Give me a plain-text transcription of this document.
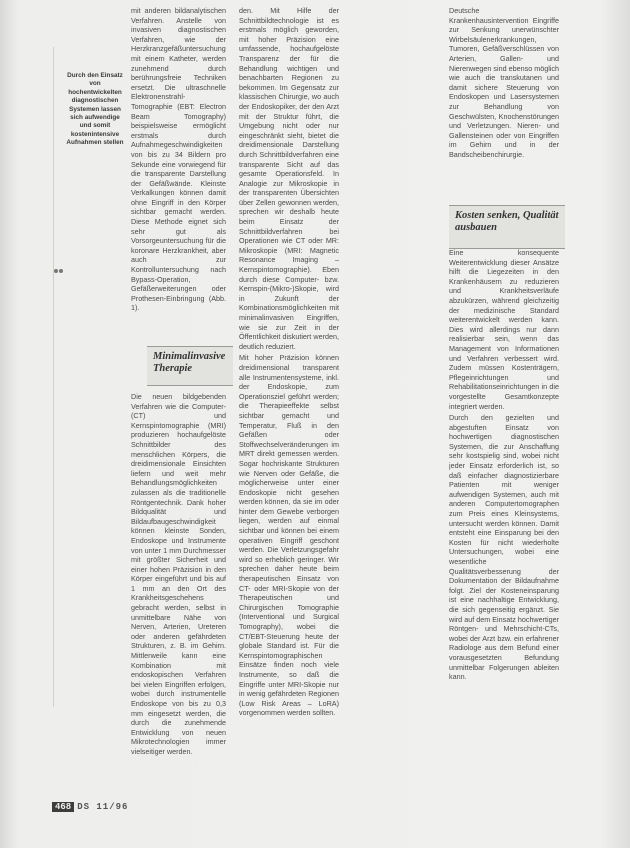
Durch den Einsatz von hochentwickelten diagnostischen Systemen lassen sich aufwendige und somit kostenintensive Aufnahmen stellen

mit anderen bildanalytischen Verfahren. Anstelle von invasiven diagnostischen Verfahren, wie der Herzkranzgefäßuntersuchung mit einem Katheter, werden zunehmend durch berührungsfreie Techniken ersetzt. Die ultraschnelle Elektronenstrahl-Tomographie (EBT: Electron Beam Tomography) beispielsweise ermöglicht erstmals durch Aufnahmegeschwindigkeiten von bis zu 34 Bildern pro Sekunde eine vorwiegend für die transparente Darstellung der Gefäßwände. Kleinste Verkalkungen können damit ohne Eingriff in den Körper sichtbar gemacht werden. Diese Methode eignet sich sehr gut als Vorsorgeuntersuchung für die koronare Herzkrankheit, aber auch zur Kontrolluntersuchung nach Bypass-Operation, Gefäßerweiterungen oder Prothesen-Einbringung (Abb. 1).

Minimalinvasive Therapie

Die neuen bildgebenden Verfahren wie die Computer- (CT) und Kernspintomographie (MRI) produzieren hochaufgelöste Schnittbilder des menschlichen Körpers, die dreidimensionale Einsichten liefern und weit mehr Behandlungsmöglichkeiten zulassen als die traditionelle Röntgentechnik. Dank hoher Bildqualität und Bildaufbaugeschwindigkeit können kleinste Sonden, Endoskope und Instrumente von unter 1 mm Durchmesser mit größter Sicherheit und einer hohen Präzision in den Körper eingeführt und bis auf 1 mm an den Ort des Krankheitsgeschehens gebracht werden, selbst in unmittelbare Nähe von Nerven, Arterien, Ureteren oder anderen gefährdeten Strukturen, z. B. im Gehirn. Mittlerweile kann eine Kombination mit endoskopischen Verfahren bei vielen Eingriffen erfolgen, wobei durch instrumentelle Endoskope von bis zu 0,3 mm eingesetzt werden, die durch die zunehmende Entwicklung von neuen Mikrotechnologien immer vielseitiger werden.

den. Mit Hilfe der Schnittbildtechnologie ist es erstmals möglich geworden, mit hoher Präzision eine umfassende, hochaufgelöste Transparenz der für die Behandlung wichtigen und benachbarten Regionen zu bekommen. Im Gegensatz zur klassischen Chirurgie, wo auch der Endoskopiker, der den Arzt mit der Struktur führt, die Umgebung nicht oder nur eingeschränkt sieht, bietet die dreidimensionale Darstellung durch Schnittbildverfahren eine transparente Sicht auf das gesamte Operationsfeld. In Analogie zur Mikroskopie in der transparenten Übersichten über Zellen gewonnen werden, sprechen wir deshalb heute beim Einsatz der Schnittbildverfahren bei Operationen wie CT oder MR: Mikroskopie (MRI: Magnetic Resonance Imaging – Kernspintomographie). Eben durch diese Computer- bzw. Kernspin-(Mikro-)Skopie, wird in Zukunft der Kombinationsmöglichkeiten mit minimalinvasiven Eingriffen, wie sie zur Zeit in der Öffentlichkeit diskutiert werden, deutlich reduziert.

Mit hoher Präzision können dreidimensional transparent alle Instrumentensysteme, inkl. der Endoskopie, zum Operationsziel geführt werden; die Therapieeffekte selbst sichtbar gemacht und Temperatur, Fluß in den Gefäßen oder Stoffwechselveränderungen im MRT direkt gemessen werden. Sogar hochriskante Strukturen wie Nerven oder Gefäße, die möglicherweise unter einer Endoskopie nicht gesehen werden können, da sie im oder hinter dem Gewebe verborgen liegen, werden auf einmal sichtbar und können bei einem operativen Eingriff geschont werden. Die Verletzungsgefahr wird so erheblich geringer. Wir sprechen daher heute beim therapeutischen Einsatz von CT- oder MRI-Skopie von der Therapeutischen und Chirurgischen Tomographie (Interventional und Surgical Tomography), wobei die CT/EBT-Steuerung heute der globale Standard ist. Für die Kernspintomographischen Einsätze finden noch viele Instrumente, so daß die Eingriffe unter MRI-Skopie nur in wenig gefährdeten Regionen (Low Risk Areas – LoRA) vorgenommen werden sollten.

Deutsche Krankenhausintervention Eingriffe zur Senkung unerwünschter Wirbelsäulenerkrankungen, Tumoren, Gefäßverschlüssen von Arterien, Gallen- und Nierenwegen sind ebenso möglich wie auch die transkutanen und damit sichere Steuerung von Endoskopen und Lasersystemen zur Behandlung von Geschwülsten, Knochenstörungen und Verletzungen. Nieren- und Gallensteinen oder von Eingriffen im Gehirn und in der Bandscheibenchirurgie.

Kosten senken, Qualität ausbauen

Eine konsequente Weiterentwicklung dieser Ansätze hilft die Liegezeiten in den Krankenhäusern zu reduzieren und Krankheitsverläufe abzukürzen, während gleichzeitig der medizinische Standard weiterentwickelt werden kann. Dies wird allerdings nur dann realisierbar sein, wenn das Management von Informationen und Verfahren verbessert wird. Zudem müssen Kostenträgern, Pflegeinrichtungen und Rehabilitationseinrichtungen in die vorgestellte Gesamtkonzepte integriert werden.

Durch den gezielten und abgestuften Einsatz von hochwertigen diagnostischen Systemen, die zur Anschaffung sehr kostspielig sind, wobei nicht jeder Einsatz erforderlich ist, so daß einfacher diagnostizierbare Patienten mit weniger aufwendigen Systemen, auch mit anderen Computertomographen zum Preis eines Kleinsystems, untersucht werden können. Damit entsteht eine Einsparung bei den Kosten für nicht wiederholte Untersuchungen, wobei eine wesentliche Qualitätsverbesserung der Dokumentation der Bildaufnahme folgt. Ziel der Kosteneinsparung ist eine nachhaltige Entwicklung, die sich gegenseitig ergänzt. Sie wird auf dem Einsatz hochwertiger Röntgen- und Mehrschicht-CTs, wobei der Arzt bzw. ein erfahrener Radiologe aus dem Befund einer vorausgesetzten Befundung unmittelbar Folgerungen ableiten kann.

468 DS 11/96
